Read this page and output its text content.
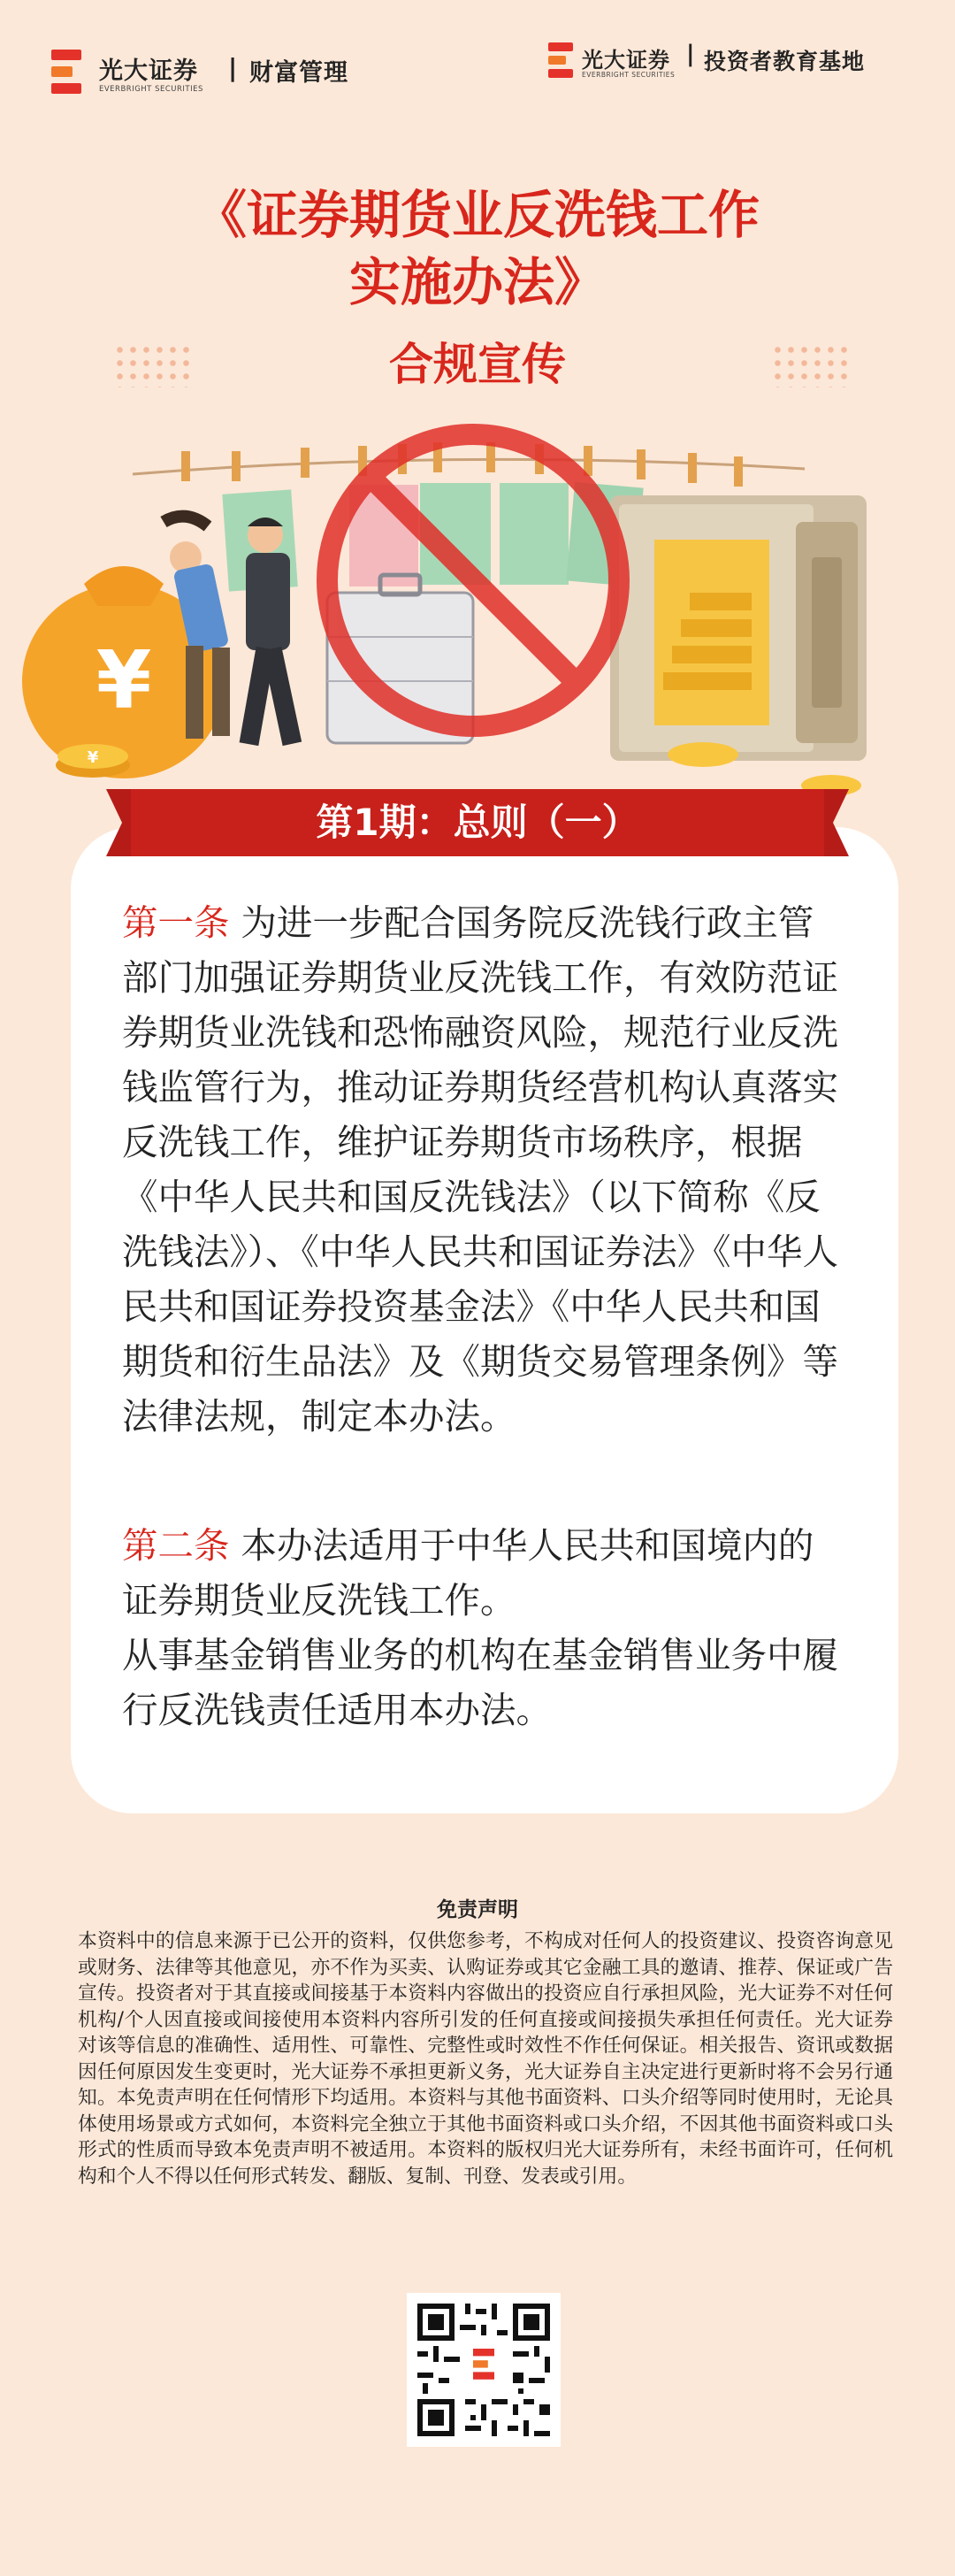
光大证券
EVERBRIGHT SECURITIES
| 财富管理	光大证券
EVERBRIGHT SECURITIES
| 投资者教育基地
《证券期货业反洗钱工作
实施办法》
合规宣传
¥
¥
第1期：总则（一）
第一条 为进一步配合国务院反洗钱行政主管部门加强证券期货业反洗钱工作，有效防范证券期货业洗钱和恐怖融资风险，规范行业反洗钱监管行为，推动证券期货经营机构认真落实反洗钱工作，维护证券期货市场秩序，根据《中华人民共和国反洗钱法》（以下简称《反洗钱法》）、《中华人民共和国证券法》《中华人民共和国证券投资基金法》《中华人民共和国期货和衍生品法》及《期货交易管理条例》等法律法规，制定本办法。
第二条 本办法适用于中华人民共和国境内的证券期货业反洗钱工作。
从事基金销售业务的机构在基金销售业务中履行反洗钱责任适用本办法。
免责声明
本资料中的信息来源于已公开的资料，仅供您参考，不构成对任何人的投资建议、投资咨询意见或财务、法律等其他意见，亦不作为买卖、认购证券或其它金融工具的邀请、推荐、保证或广告宣传。投资者对于其直接或间接基于本资料内容做出的投资应自行承担风险，光大证券不对任何机构/个人因直接或间接使用本资料内容所引发的任何直接或间接损失承担任何责任。光大证券对该等信息的准确性、适用性、可靠性、完整性或时效性不作任何保证。相关报告、资讯或数据因任何原因发生变更时，光大证券不承担更新义务，光大证券自主决定进行更新时将不会另行通知。本免责声明在任何情形下均适用。本资料与其他书面资料、口头介绍等同时使用时，无论具体使用场景或方式如何，本资料完全独立于其他书面资料或口头介绍，不因其他书面资料或口头形式的性质而导致本免责声明不被适用。本资料的版权归光大证券所有，未经书面许可，任何机构和个人不得以任何形式转发、翻版、复制、刊登、发表或引用。
